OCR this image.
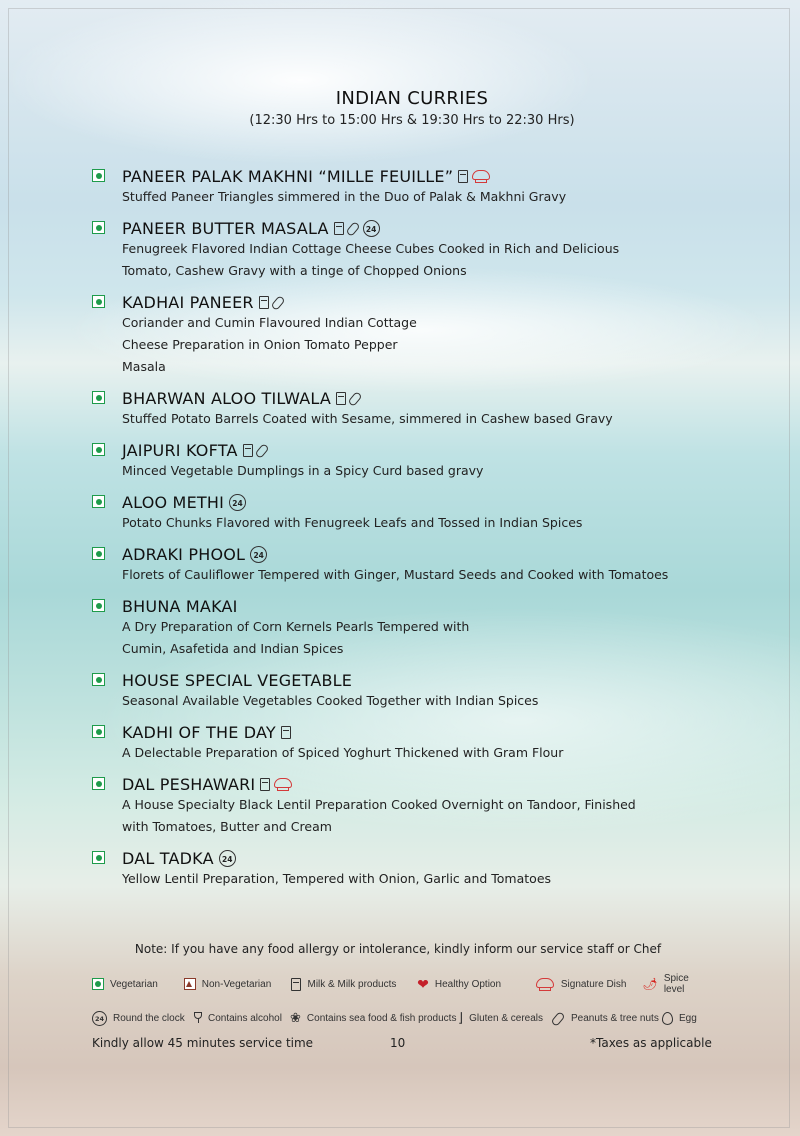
INDIAN CURRIES
(12:30 Hrs to 15:00 Hrs & 19:30 Hrs to 22:30 Hrs)
PANEER PALAK MAKHNI “MILLE FEUILLE”
Stuffed Paneer Triangles simmered in the Duo of Palak & Makhni Gravy
PANEER BUTTER MASALA	24
Fenugreek Flavored Indian Cottage Cheese Cubes Cooked in Rich and Delicious Tomato, Cashew Gravy with a tinge of Chopped Onions
KADHAI PANEER
Coriander and Cumin Flavoured Indian Cottage Cheese Preparation in Onion Tomato Pepper Masala
BHARWAN ALOO TILWALA
Stuffed Potato Barrels Coated with Sesame, simmered in Cashew based Gravy
JAIPURI KOFTA
Minced Vegetable Dumplings in a Spicy Curd based gravy
ALOO METHI	24
Potato Chunks Flavored with Fenugreek Leafs and Tossed in Indian Spices
ADRAKI PHOOL	24
Florets of Cauliflower Tempered with Ginger, Mustard Seeds and Cooked with Tomatoes
BHUNA MAKAI
A Dry Preparation of Corn Kernels Pearls Tempered with Cumin, Asafetida and Indian Spices
HOUSE SPECIAL VEGETABLE
Seasonal Available Vegetables Cooked Together with Indian Spices
KADHI OF THE DAY
A Delectable Preparation of Spiced Yoghurt Thickened with Gram Flour
DAL PESHAWARI
A House Specialty Black Lentil Preparation Cooked Overnight on Tandoor, Finished with Tomatoes, Butter and Cream
DAL TADKA	24
Yellow Lentil Preparation, Tempered with Onion, Garlic and Tomatoes
Note: If you have any food allergy or intolerance, kindly inform our service staff or Chef
Vegetarian	Non-Vegetarian	Milk & Milk products ❤ Healthy Option	Signature Dish 🌶 Spice level
24 Round the clock Contains alcohol ❀ Contains sea food & fish products ⌋ Gluten & cereals	Peanuts & tree nuts Egg
Kindly allow 45 minutes service time	10	*Taxes as applicable
